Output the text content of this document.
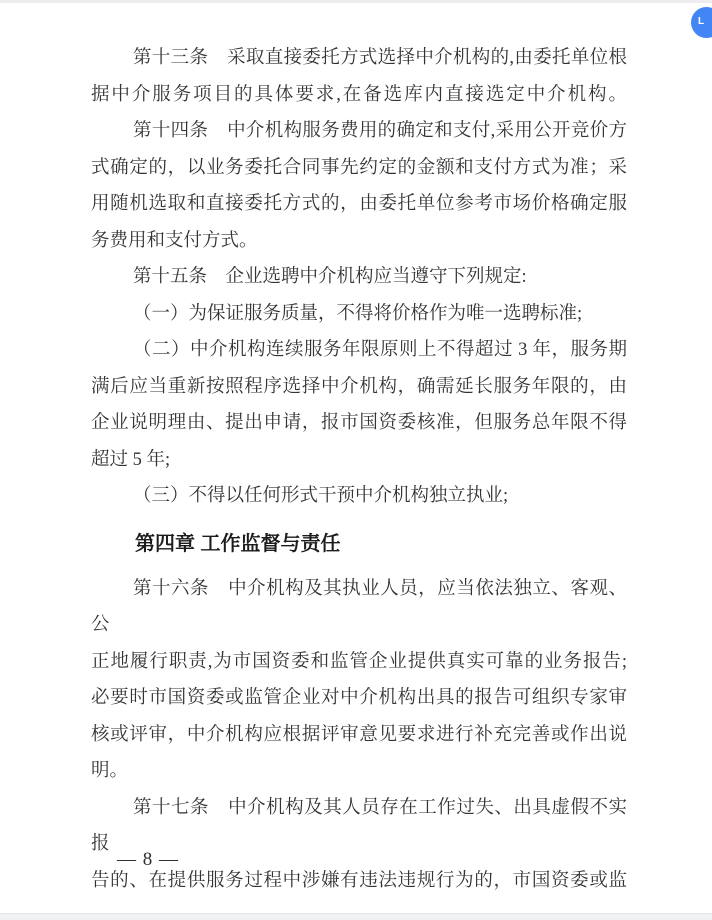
L
第十三条　采取直接委托方式选择中介机构的,由委托单位根
据中介服务项目的具体要求,在备选库内直接选定中介机构。
第十四条　中介机构服务费用的确定和支付,采用公开竞价方
式确定的，以业务委托合同事先约定的金额和支付方式为准；采
用随机选取和直接委托方式的，由委托单位参考市场价格确定服
务费用和支付方式。
第十五条　企业选聘中介机构应当遵守下列规定:
（一）为保证服务质量，不得将价格作为唯一选聘标准;
（二）中介机构连续服务年限原则上不得超过 3 年，服务期
满后应当重新按照程序选择中介机构，确需延长服务年限的，由
企业说明理由、提出申请，报市国资委核准，但服务总年限不得
超过 5 年;
（三）不得以任何形式干预中介机构独立执业;
第四章 工作监督与责任
第十六条　中介机构及其执业人员，应当依法独立、客观、公
正地履行职责,为市国资委和监管企业提供真实可靠的业务报告;
必要时市国资委或监管企业对中介机构出具的报告可组织专家审
核或评审，中介机构应根据评审意见要求进行补充完善或作出说
明。
第十七条　中介机构及其人员存在工作过失、出具虚假不实报
告的、在提供服务过程中涉嫌有违法违规行为的，市国资委或监
— 8 —
